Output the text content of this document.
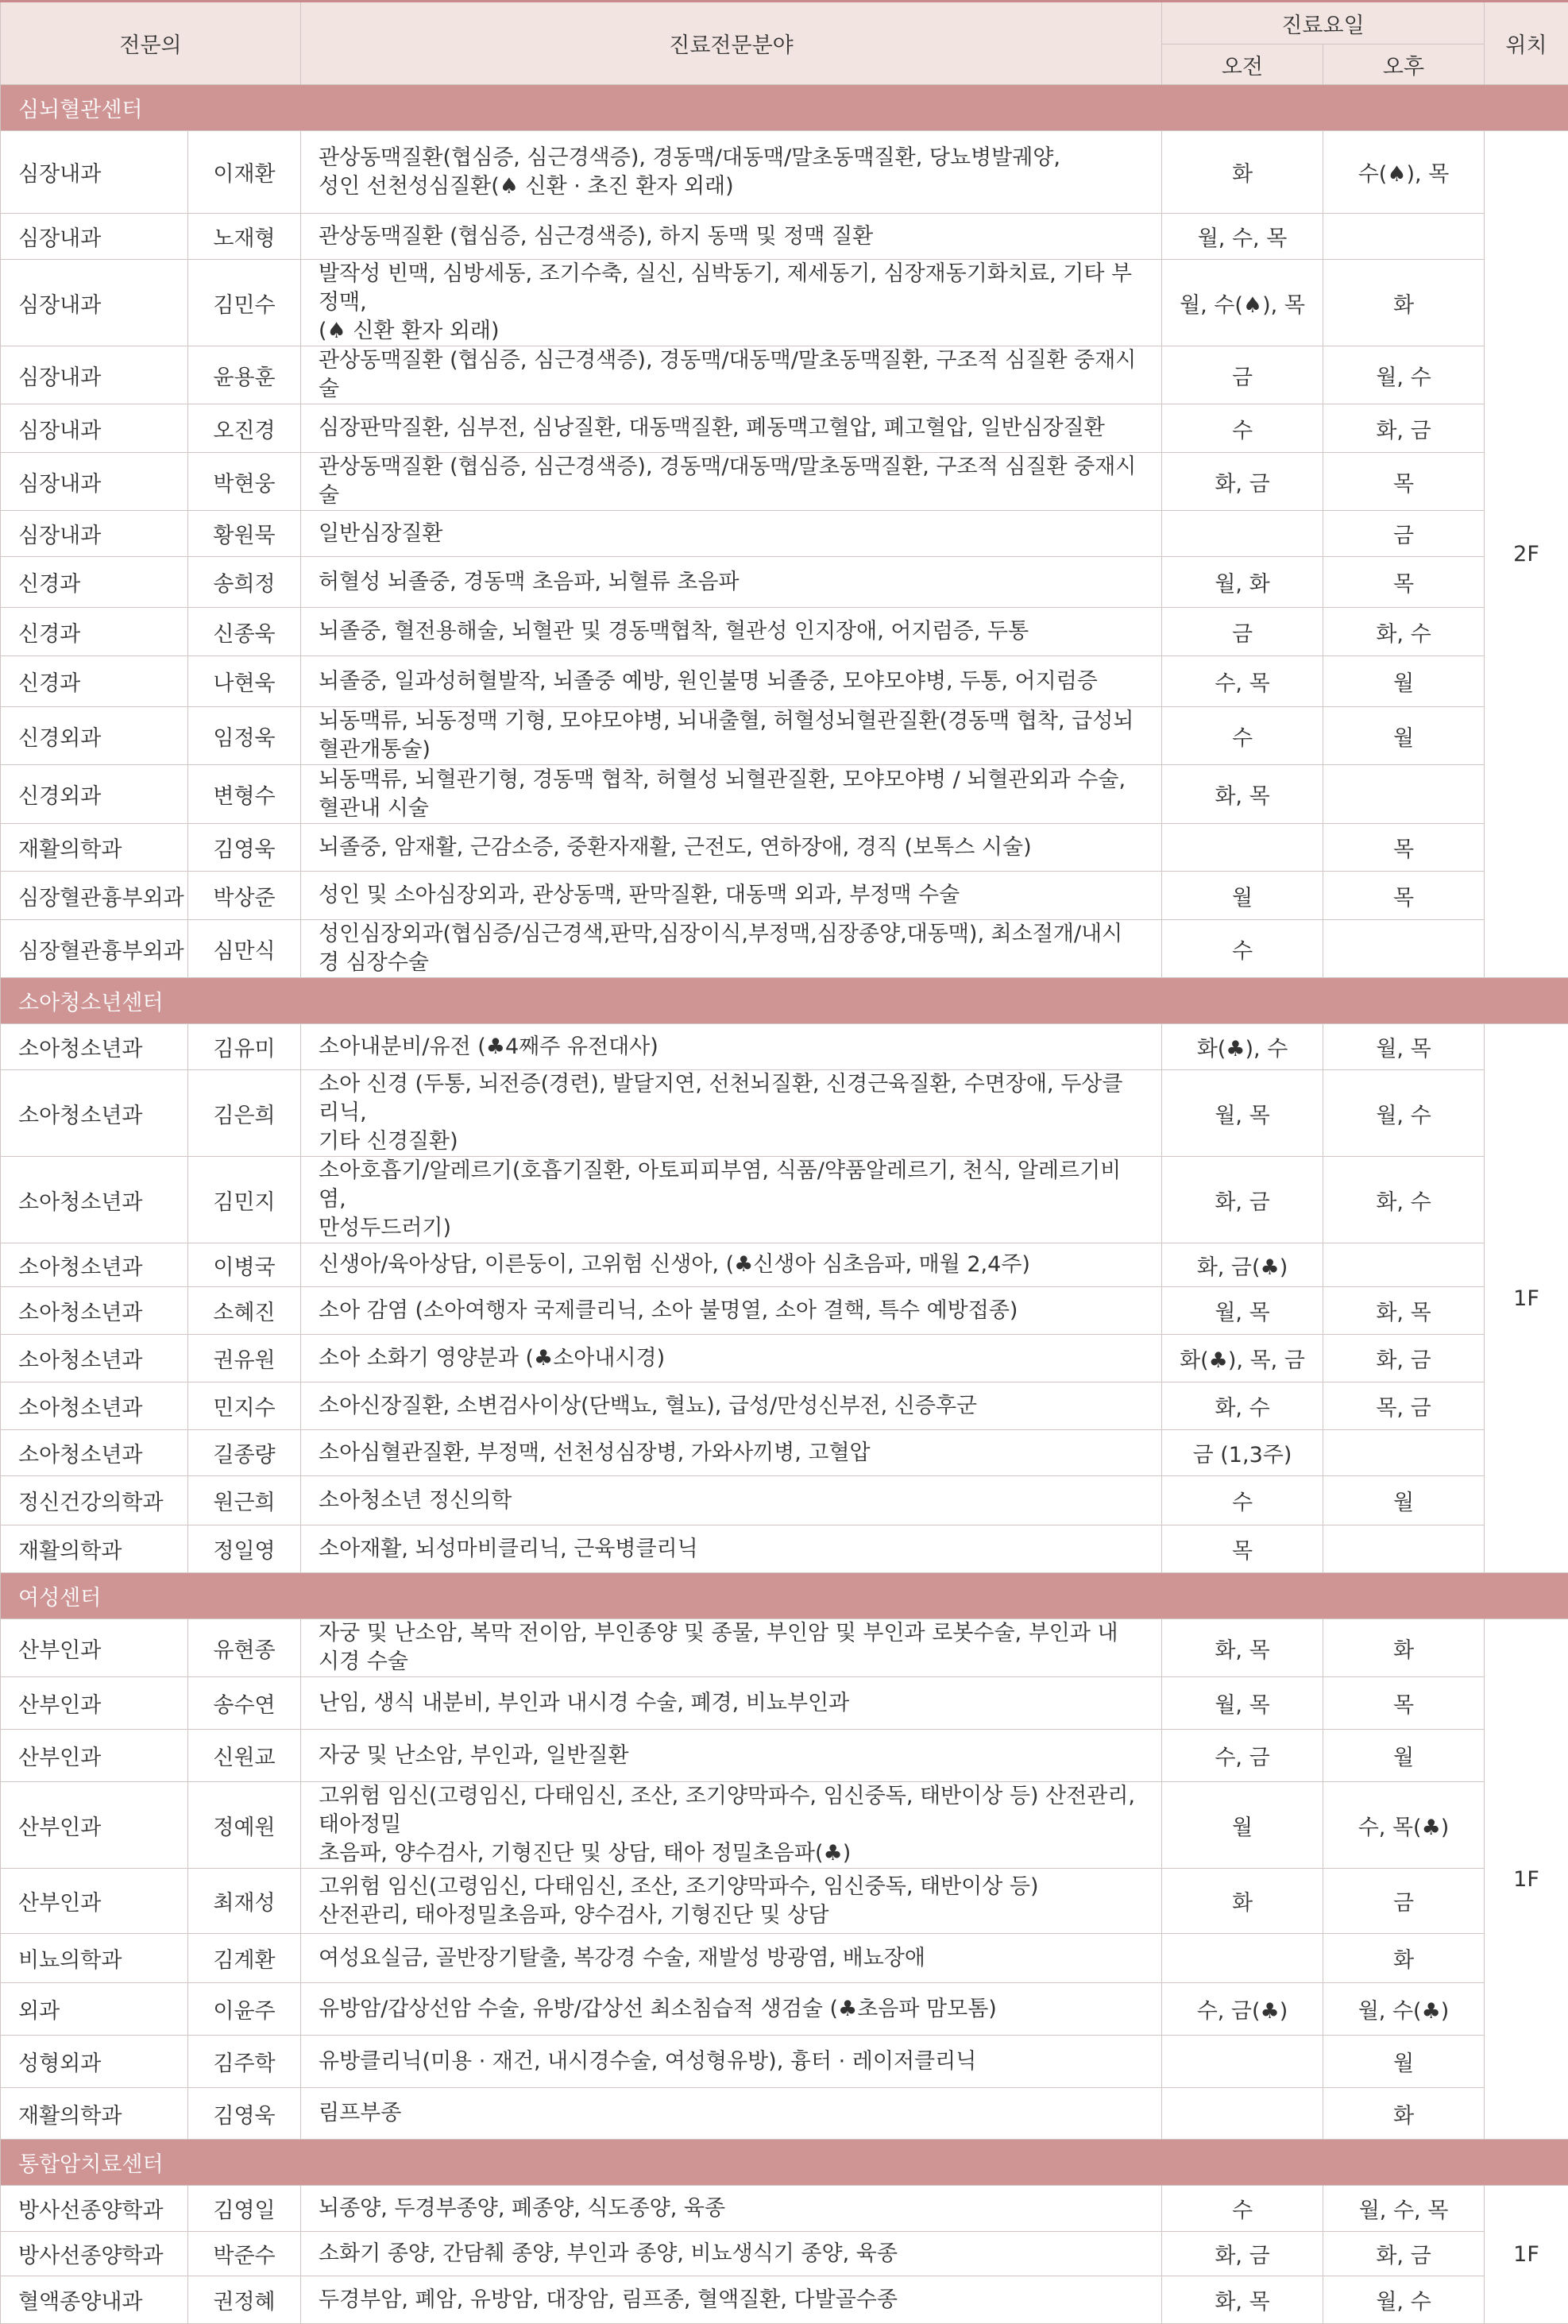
전문의		진료전문분야	진료요일		위치
			오전	오후	
심뇌혈관센터					
심장내과	이재환	관상동맥질환(협심증, 심근경색증), 경동맥/대동맥/말초동맥질환, 당뇨병발궤양,
성인 선천성심질환(♠ 신환 · 초진 환자 외래)	화	수(♠), 목	2F
심장내과	노재형	관상동맥질환 (협심증, 심근경색증), 하지 동맥 및 정맥 질환	월, 수, 목		
심장내과	김민수	발작성 빈맥, 심방세동, 조기수축, 실신, 심박동기, 제세동기, 심장재동기화치료, 기타 부정맥,
(♠ 신환 환자 외래)	월, 수(♠), 목	화	
심장내과	윤용훈	관상동맥질환 (협심증, 심근경색증), 경동맥/대동맥/말초동맥질환, 구조적 심질환 중재시술	금	월, 수	
심장내과	오진경	심장판막질환, 심부전, 심낭질환, 대동맥질환, 폐동맥고혈압, 폐고혈압, 일반심장질환	수	화, 금	
심장내과	박현웅	관상동맥질환 (협심증, 심근경색증), 경동맥/대동맥/말초동맥질환, 구조적 심질환 중재시술	화, 금	목	
심장내과	황원묵	일반심장질환		금	
신경과	송희정	허혈성 뇌졸중, 경동맥 초음파, 뇌혈류 초음파	월, 화	목	
신경과	신종욱	뇌졸중, 혈전용해술, 뇌혈관 및 경동맥협착, 혈관성 인지장애, 어지럼증, 두통	금	화, 수	
신경과	나현욱	뇌졸중, 일과성허혈발작, 뇌졸중 예방, 원인불명 뇌졸중, 모야모야병, 두통, 어지럼증	수, 목	월	
신경외과	임정욱	뇌동맥류, 뇌동정맥 기형, 모야모야병, 뇌내출혈, 허혈성뇌혈관질환(경동맥 협착, 급성뇌혈관개통술)	수	월	
신경외과	변형수	뇌동맥류, 뇌혈관기형, 경동맥 협착, 허혈성 뇌혈관질환, 모야모야병 / 뇌혈관외과 수술, 혈관내 시술	화, 목		
재활의학과	김영욱	뇌졸중, 암재활, 근감소증, 중환자재활, 근전도, 연하장애, 경직 (보톡스 시술)		목	
심장혈관흉부외과	박상준	성인 및 소아심장외과, 관상동맥, 판막질환, 대동맥 외과, 부정맥 수술	월	목	
심장혈관흉부외과	심만식	성인심장외과(협심증/심근경색,판막,심장이식,부정맥,심장종양,대동맥), 최소절개/내시경 심장수술	수		
소아청소년센터					
소아청소년과	김유미	소아내분비/유전 (♣4째주 유전대사)	화(♣), 수	월, 목	1F
소아청소년과	김은희	소아 신경 (두통, 뇌전증(경련), 발달지연, 선천뇌질환, 신경근육질환, 수면장애, 두상클리닉,
기타 신경질환)	월, 목	월, 수	
소아청소년과	김민지	소아호흡기/알레르기(호흡기질환, 아토피피부염, 식품/약품알레르기, 천식, 알레르기비염,
만성두드러기)	화, 금	화, 수	
소아청소년과	이병국	신생아/육아상담, 이른둥이, 고위험 신생아, (♣신생아 심초음파, 매월 2,4주)	화, 금(♣)		
소아청소년과	소혜진	소아 감염 (소아여행자 국제클리닉, 소아 불명열, 소아 결핵, 특수 예방접종)	월, 목	화, 목	
소아청소년과	권유원	소아 소화기 영양분과 (♣소아내시경)	화(♣), 목, 금	화, 금	
소아청소년과	민지수	소아신장질환, 소변검사이상(단백뇨, 혈뇨), 급성/만성신부전, 신증후군	화, 수	목, 금	
소아청소년과	길종량	소아심혈관질환, 부정맥, 선천성심장병, 가와사끼병, 고혈압	금 (1,3주)		
정신건강의학과	원근희	소아청소년 정신의학	수	월	
재활의학과	정일영	소아재활, 뇌성마비클리닉, 근육병클리닉	목		
여성센터					
산부인과	유현종	자궁 및 난소암, 복막 전이암, 부인종양 및 종물, 부인암 및 부인과 로봇수술, 부인과 내시경 수술	화, 목	화	1F
산부인과	송수연	난임, 생식 내분비, 부인과 내시경 수술, 폐경, 비뇨부인과	월, 목	목	
산부인과	신원교	자궁 및 난소암, 부인과, 일반질환	수, 금	월	
산부인과	정예원	고위험 임신(고령임신, 다태임신, 조산, 조기양막파수, 임신중독, 태반이상 등) 산전관리, 태아정밀
초음파, 양수검사, 기형진단 및 상담, 태아 정밀초음파(♣)	월	수, 목(♣)	
산부인과	최재성	고위험 임신(고령임신, 다태임신, 조산, 조기양막파수, 임신중독, 태반이상 등)
산전관리, 태아정밀초음파, 양수검사, 기형진단 및 상담	화	금	
비뇨의학과	김계환	여성요실금, 골반장기탈출, 복강경 수술, 재발성 방광염, 배뇨장애		화	
외과	이윤주	유방암/갑상선암 수술, 유방/갑상선 최소침습적 생검술 (♣초음파 맘모톰)	수, 금(♣)	월, 수(♣)	
성형외과	김주학	유방클리닉(미용 · 재건, 내시경수술, 여성형유방), 흉터 · 레이저클리닉		월	
재활의학과	김영욱	림프부종		화	
통합암치료센터					
방사선종양학과	김영일	뇌종양, 두경부종양, 폐종양, 식도종양, 육종	수	월, 수, 목	1F
방사선종양학과	박준수	소화기 종양, 간담췌 종양, 부인과 종양, 비뇨생식기 종양, 육종	화, 금	화, 금	
혈액종양내과	권정혜	두경부암, 폐암, 유방암, 대장암, 림프종, 혈액질환, 다발골수종	화, 목	월, 수	
